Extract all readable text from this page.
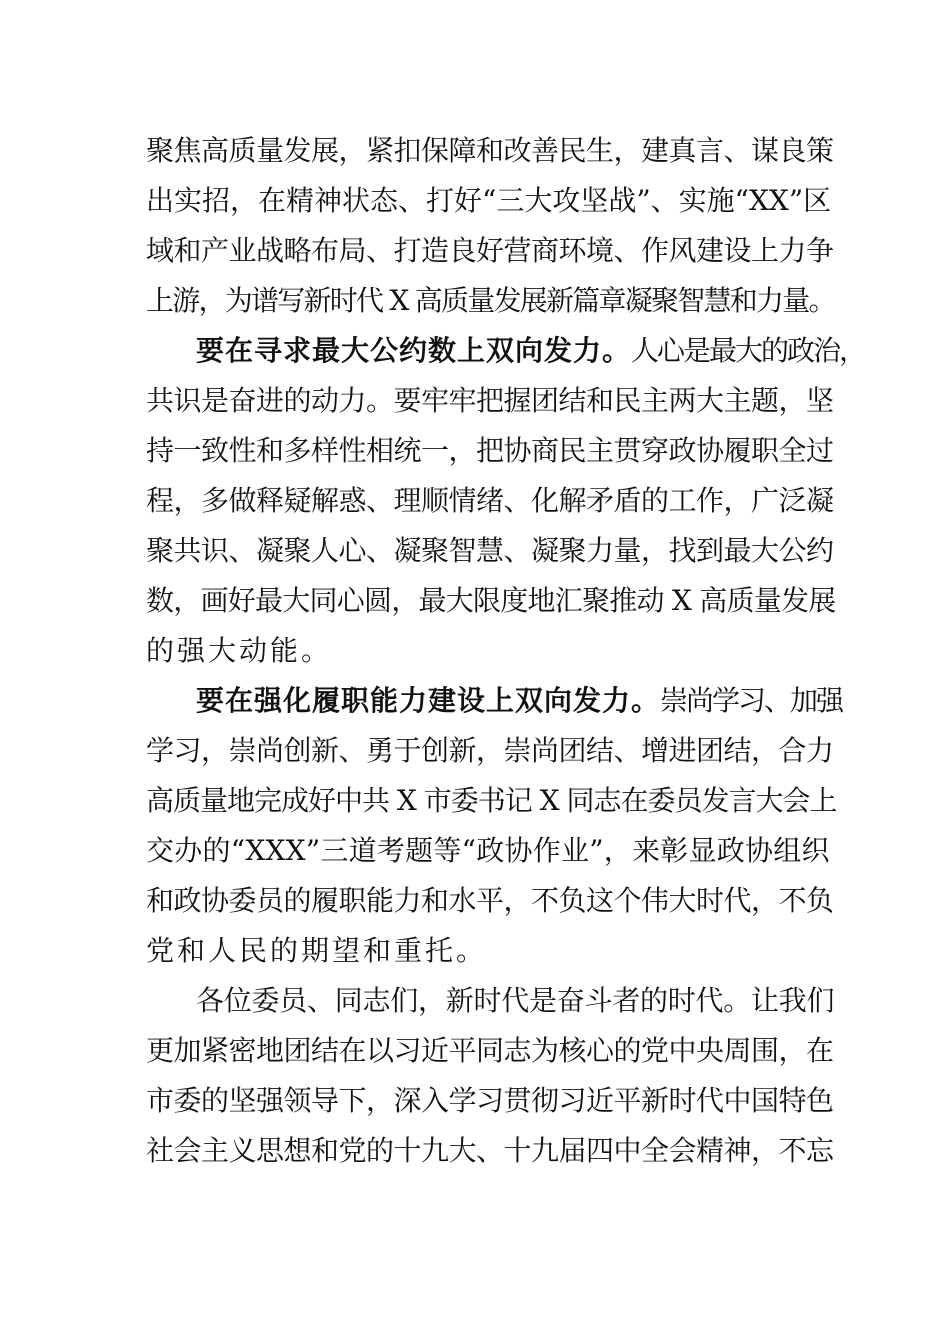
聚焦高质量发展，紧扣保障和改善民生，建真言、谋良策
出实招，在精神状态、打好“三大攻坚战”、实施“XX”区
域和产业战略布局、打造良好营商环境、作风建设上力争
上游，为谱写新时代 X 高质量发展新篇章凝聚智慧和力量。
要在寻求最大公约数上双向发力。人心是最大的政治，
共识是奋进的动力。要牢牢把握团结和民主两大主题，坚
持一致性和多样性相统一，把协商民主贯穿政协履职全过
程，多做释疑解惑、理顺情绪、化解矛盾的工作，广泛凝
聚共识、凝聚人心、凝聚智慧、凝聚力量，找到最大公约
数，画好最大同心圆，最大限度地汇聚推动 X 高质量发展
的强大动能。
要在强化履职能力建设上双向发力。崇尚学习、加强
学习，崇尚创新、勇于创新，崇尚团结、增进团结，合力
高质量地完成好中共 X 市委书记 X 同志在委员发言大会上
交办的“XXX”三道考题等“政协作业”，来彰显政协组织
和政协委员的履职能力和水平，不负这个伟大时代，不负
党和人民的期望和重托。
各位委员、同志们，新时代是奋斗者的时代。让我们
更加紧密地团结在以习近平同志为核心的党中央周围，在
市委的坚强领导下，深入学习贯彻习近平新时代中国特色
社会主义思想和党的十九大、十九届四中全会精神，不忘
